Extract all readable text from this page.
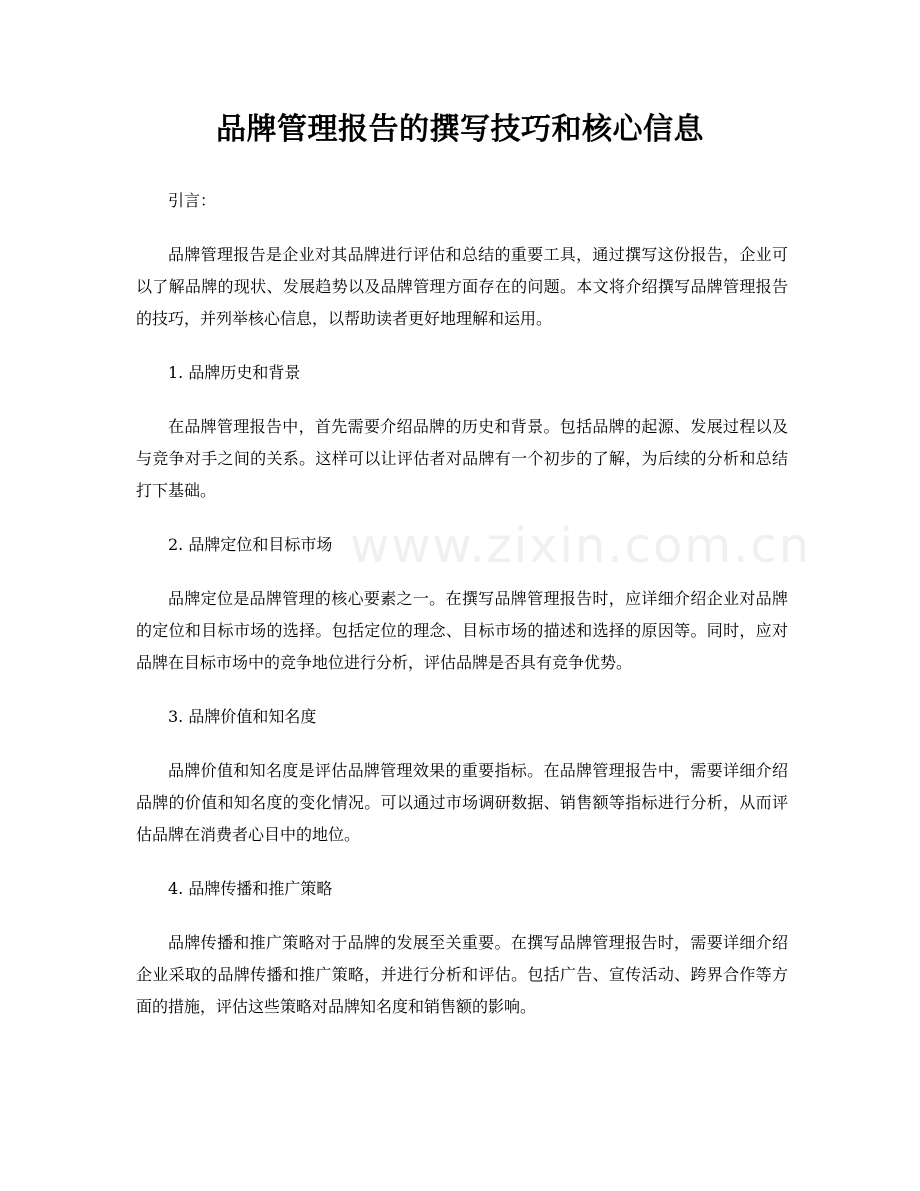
品牌管理报告的撰写技巧和核心信息

引言：

品牌管理报告是企业对其品牌进行评估和总结的重要工具，通过撰写这份报告，企业可以了解品牌的现状、发展趋势以及品牌管理方面存在的问题。本文将介绍撰写品牌管理报告的技巧，并列举核心信息，以帮助读者更好地理解和运用。

1. 品牌历史和背景

在品牌管理报告中，首先需要介绍品牌的历史和背景。包括品牌的起源、发展过程以及与竞争对手之间的关系。这样可以让评估者对品牌有一个初步的了解，为后续的分析和总结打下基础。

2. 品牌定位和目标市场

品牌定位是品牌管理的核心要素之一。在撰写品牌管理报告时，应详细介绍企业对品牌的定位和目标市场的选择。包括定位的理念、目标市场的描述和选择的原因等。同时，应对品牌在目标市场中的竞争地位进行分析，评估品牌是否具有竞争优势。

3. 品牌价值和知名度

品牌价值和知名度是评估品牌管理效果的重要指标。在品牌管理报告中，需要详细介绍品牌的价值和知名度的变化情况。可以通过市场调研数据、销售额等指标进行分析，从而评估品牌在消费者心目中的地位。

4. 品牌传播和推广策略

品牌传播和推广策略对于品牌的发展至关重要。在撰写品牌管理报告时，需要详细介绍企业采取的品牌传播和推广策略，并进行分析和评估。包括广告、宣传活动、跨界合作等方面的措施，评估这些策略对品牌知名度和销售额的影响。

www.zixin.com.cn
